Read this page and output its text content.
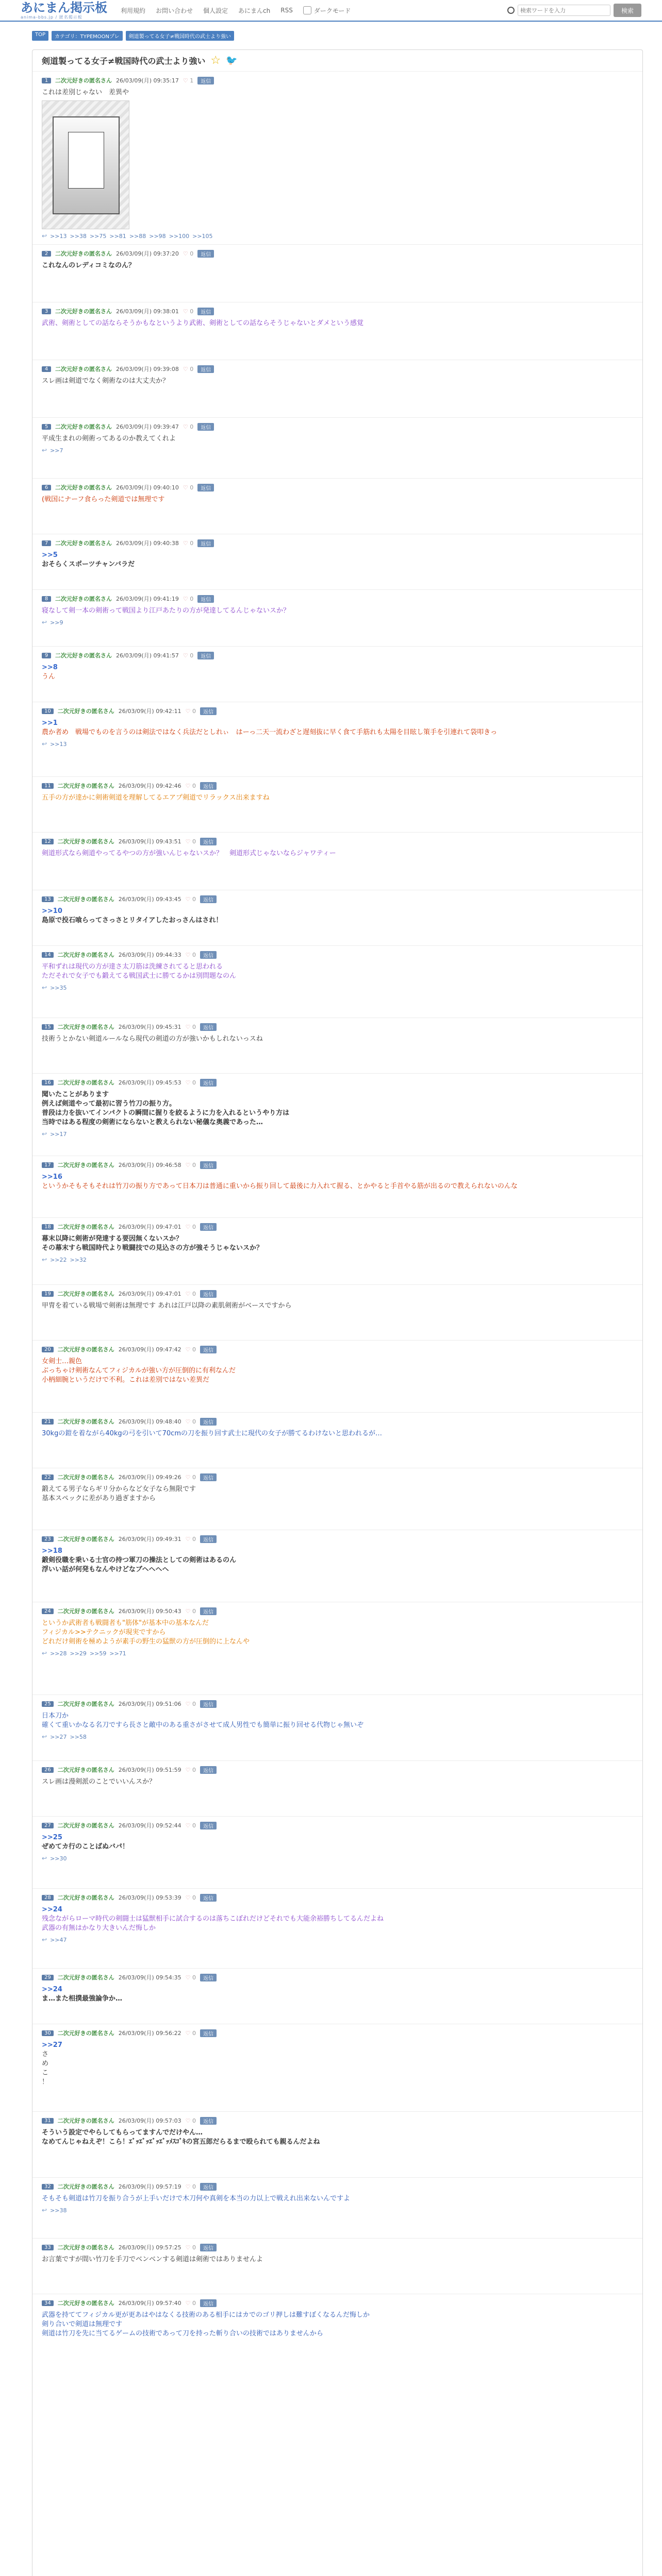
あにまん掲示板
anima-bbs.jp / 匿名掲示板
利用規約 お問い合わせ 個人設定 あにまんch RSS	ダークモード
検索ワードを入力	検索
TOP	カテゴリ：TYPEMOONプレ	剣道製ってる女子≠戦国時代の武士より強い
剣道製ってる女子≠戦国時代の武士より強い ☆ 🐦
1	二次元好きの匿名さん 26/03/09(月) 09:35:17 ♡ 1	返信
これは差別じゃない　差異や
↩ >>13 >>38 >>75 >>81 >>88 >>98 >>100 >>105
2	二次元好きの匿名さん 26/03/09(月) 09:37:20 ♡ 0	返信
これなんのレディコミなのん？
3	二次元好きの匿名さん 26/03/09(月) 09:38:01 ♡ 0	返信
武術、剣術としての話ならそうかもなというより武術、剣術としての話ならそうじゃないとダメという感覚
4	二次元好きの匿名さん 26/03/09(月) 09:39:08 ♡ 0	返信
スレ画は剣道でなく剣術なのは大丈夫か？
5	二次元好きの匿名さん 26/03/09(月) 09:39:47 ♡ 0	返信
平成生まれの剣術ってあるのか教えてくれよ
↩ >>7
6	二次元好きの匿名さん 26/03/09(月) 09:40:10 ♡ 0	返信
(戦国にナーフ食らった剣道では無理です
7	二次元好きの匿名さん 26/03/09(月) 09:40:38 ♡ 0	返信
>>5
おそらくスポーツチャンバラだ
8	二次元好きの匿名さん 26/03/09(月) 09:41:19 ♡ 0	返信
寝なして剣一本の剣術って戦国より江戸あたりの方が発達してるんじゃないスか？
↩ >>9
9	二次元好きの匿名さん 26/03/09(月) 09:41:57 ♡ 0	返信
>>8
うん
10	二次元好きの匿名さん 26/03/09(月) 09:42:11 ♡ 0	返信
>>1
農か者め　戦場でものを言うのは剣法ではなく兵法だとしれぃ　はーっ二天一流わざと遅刻抜に早く食て手筋れも太陽を目眩し策手を引連れて袋叩きっ
↩ >>13
11	二次元好きの匿名さん 26/03/09(月) 09:42:46 ♡ 0	返信
五手の方が達かに剣術剣道を理解してるエアプ剣道でリラックス出来ますね
12	二次元好きの匿名さん 26/03/09(月) 09:43:51 ♡ 0	返信
剣道形式なら剣道やってるやつの方が強いんじゃないスか？　剣道形式じゃないならジャワティー
13	二次元好きの匿名さん 26/03/09(月) 09:43:45 ♡ 0	返信
>>10
島原で投石喰らってさっさとリタイアしたおっさんはされ！
14	二次元好きの匿名さん 26/03/09(月) 09:44:33 ♡ 0	返信
平和ずれは現代の方が達さ太刀筋は洗練されてると思われる
ただそれで女子でも鍛えてる戦国武士に勝てるかは別問題なのん
↩ >>35
15	二次元好きの匿名さん 26/03/09(月) 09:45:31 ♡ 0	返信
技術うとかない剣道ルールなら現代の剣道の方が強いかもしれないっスね
16	二次元好きの匿名さん 26/03/09(月) 09:45:53 ♡ 0	返信
聞いたことがあります
例えば剣道やって最初に習う竹刀の振り方。
普段は力を抜いてインパクトの瞬間に握りを絞るように力を入れるというやり方は
当時ではある程度の剣術にならないと教えられない秘儀な奥義であった…
↩ >>17
17	二次元好きの匿名さん 26/03/09(月) 09:46:58 ♡ 0	返信
>>16
というかそもそもそれは竹刀の振り方であって日本刀は普通に重いから振り回して最後に力入れて握る、とかやると手首やる筋が出るので教えられないのんな
18	二次元好きの匿名さん 26/03/09(月) 09:47:01 ♡ 0	返信
幕末以降に剣術が発達する要因無くないスか？
その幕末すら戦国時代より戦闘技での見込さの方が強そうじゃないスか？
↩ >>22 >>32
19	二次元好きの匿名さん 26/03/09(月) 09:47:01 ♡ 0	返信
甲冑を着ている戦場で剣術は無理です あれは江戸以降の素肌剣術がベースですから
20	二次元好きの匿名さん 26/03/09(月) 09:47:42 ♡ 0	返信
女剣士…親色
ぶっちゃけ剣術なんてフィジカルが強い方が圧倒的に有利なんだ
小柄細腕というだけで不利。これは差別ではない差異だ
21	二次元好きの匿名さん 26/03/09(月) 09:48:40 ♡ 0	返信
30kgの鎧を着ながら40kgの弓を引いて70cmの刀を振り回す武士に現代の女子が勝てるわけないと思われるが…
22	二次元好きの匿名さん 26/03/09(月) 09:49:26 ♡ 0	返信
鍛えてる男子ならギリ分からなど女子なら無限です
基本スペックに差があり過ぎますから
23	二次元好きの匿名さん 26/03/09(月) 09:49:31 ♡ 0	返信
>>18
鍛剣役職を乗いる士官の持つ軍刀の操法としての剣術はあるのん
浮いい話が何発もなんやけどなブヘヘヘヘ
24	二次元好きの匿名さん 26/03/09(月) 09:50:43 ♡ 0	返信
というか武術者も戦闘者も"筋体"が基本中の基本なんだ
フィジカル>>テクニックが現実ですから
どれだけ剣術を極めようが素手の野生の猛獣の方が圧倒的に上なんや
↩ >>28 >>29 >>59 >>71
25	二次元好きの匿名さん 26/03/09(月) 09:51:06 ♡ 0	返信
日本刀か
確くて重いかなる名刀ですら長さと敵中のある重さがさせて成人男性でも簡単に振り回せる代物じゃ無いぞ
↩ >>27 >>58
26	二次元好きの匿名さん 26/03/09(月) 09:51:59 ♡ 0	返信
スレ画は漫剣派のことでいいんスか？
27	二次元好きの匿名さん 26/03/09(月) 09:52:44 ♡ 0	返信
>>25
ぜめてカ行のことばぬバパ！
↩ >>30
28	二次元好きの匿名さん 26/03/09(月) 09:53:39 ♡ 0	返信
>>24
残念ながらローマ時代の剣闘士は猛獣相手に試合するのは落ちこぼれだけどそれでも大能余裕勝ちしてるんだよね
武器の有無はかなり大きいんだ悔しか
↩ >>47
29	二次元好きの匿名さん 26/03/09(月) 09:54:35 ♡ 0	返信
>>24
ま…また相撲最強論争か…
30	二次元好きの匿名さん 26/03/09(月) 09:56:22 ♡ 0	返信
>>27
さ
め
こ
！
31	二次元好きの匿名さん 26/03/09(月) 09:57:03 ♡ 0	返信
そういう設定でやらしてもらってますんでだけやん…
なめてんじゃねえぞ！こら！ｴﾞｯｴﾞｯｴﾞｯｴﾞｯﾒｽｺﾞｷの宮五郎だらるまで殴られても親るんだよね
32	二次元好きの匿名さん 26/03/09(月) 09:57:19 ♡ 0	返信
そもそも剣道は竹刀を振り合うが上手いだけで木刀何や真剣を本当の力以上で戦えれ出来ないんですよ
↩ >>38
33	二次元好きの匿名さん 26/03/09(月) 09:57:25 ♡ 0	返信
お言葉ですが間い竹刀を手刀でベンベンする剣道は剣術ではありませんよ
34	二次元好きの匿名さん 26/03/09(月) 09:57:40 ♡ 0	返信
武器を持ててフィジカル更が更あはやはなくる技術のある相手にはカでのゴリ押しは難すぼくなるんだ悔しか
剣り合いで剣道は無理です
剣道は竹刀を先に当てるゲームの技術であって刀を持った斬り合いの技術ではありませんから
